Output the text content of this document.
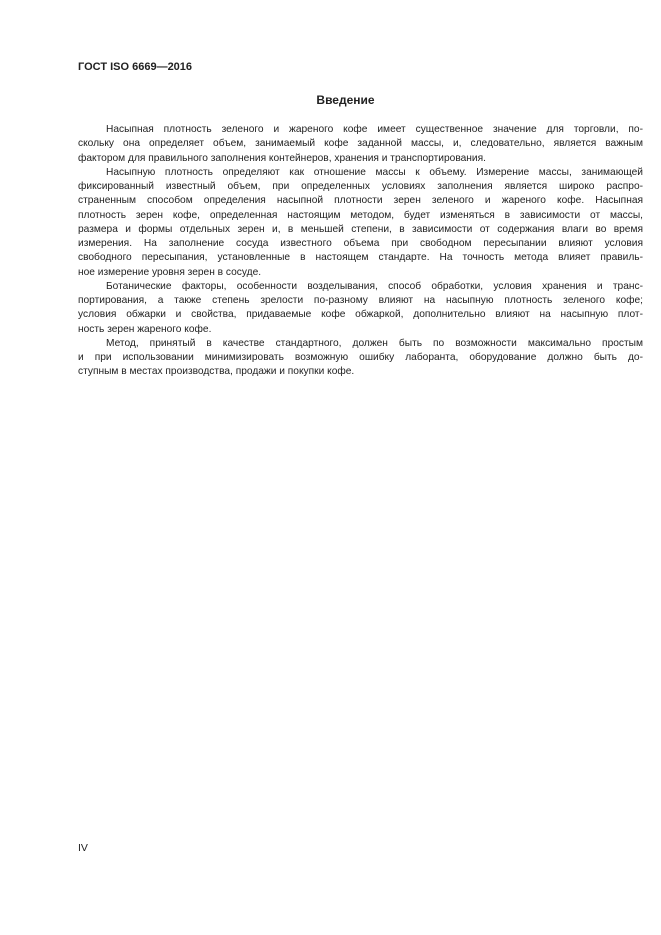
ГОСТ ISO 6669—2016
Введение
Насыпная плотность зеленого и жареного кофе имеет существенное значение для торговли, по-
скольку она определяет объем, занимаемый кофе заданной массы, и, следовательно, является важным
фактором для правильного заполнения контейнеров, хранения и транспортирования.
Насыпную плотность определяют как отношение массы к объему. Измерение массы, занимающей
фиксированный известный объем, при определенных условиях заполнения является широко распро-
страненным способом определения насыпной плотности зерен зеленого и жареного кофе. Насыпная
плотность зерен кофе, определенная настоящим методом, будет изменяться в зависимости от массы,
размера и формы отдельных зерен и, в меньшей степени, в зависимости от содержания влаги во время
измерения. На заполнение сосуда известного объема при свободном пересыпании влияют условия
свободного пересыпания, установленные в настоящем стандарте. На точность метода влияет правиль-
ное измерение уровня зерен в сосуде.
Ботанические факторы, особенности возделывания, способ обработки, условия хранения и транс-
портирования, а также степень зрелости по-разному влияют на насыпную плотность зеленого кофе;
условия обжарки и свойства, придаваемые кофе обжаркой, дополнительно влияют на насыпную плот-
ность зерен жареного кофе.
Метод, принятый в качестве стандартного, должен быть по возможности максимально простым
и при использовании минимизировать возможную ошибку лаборанта, оборудование должно быть до-
ступным в местах производства, продажи и покупки кофе.
IV
